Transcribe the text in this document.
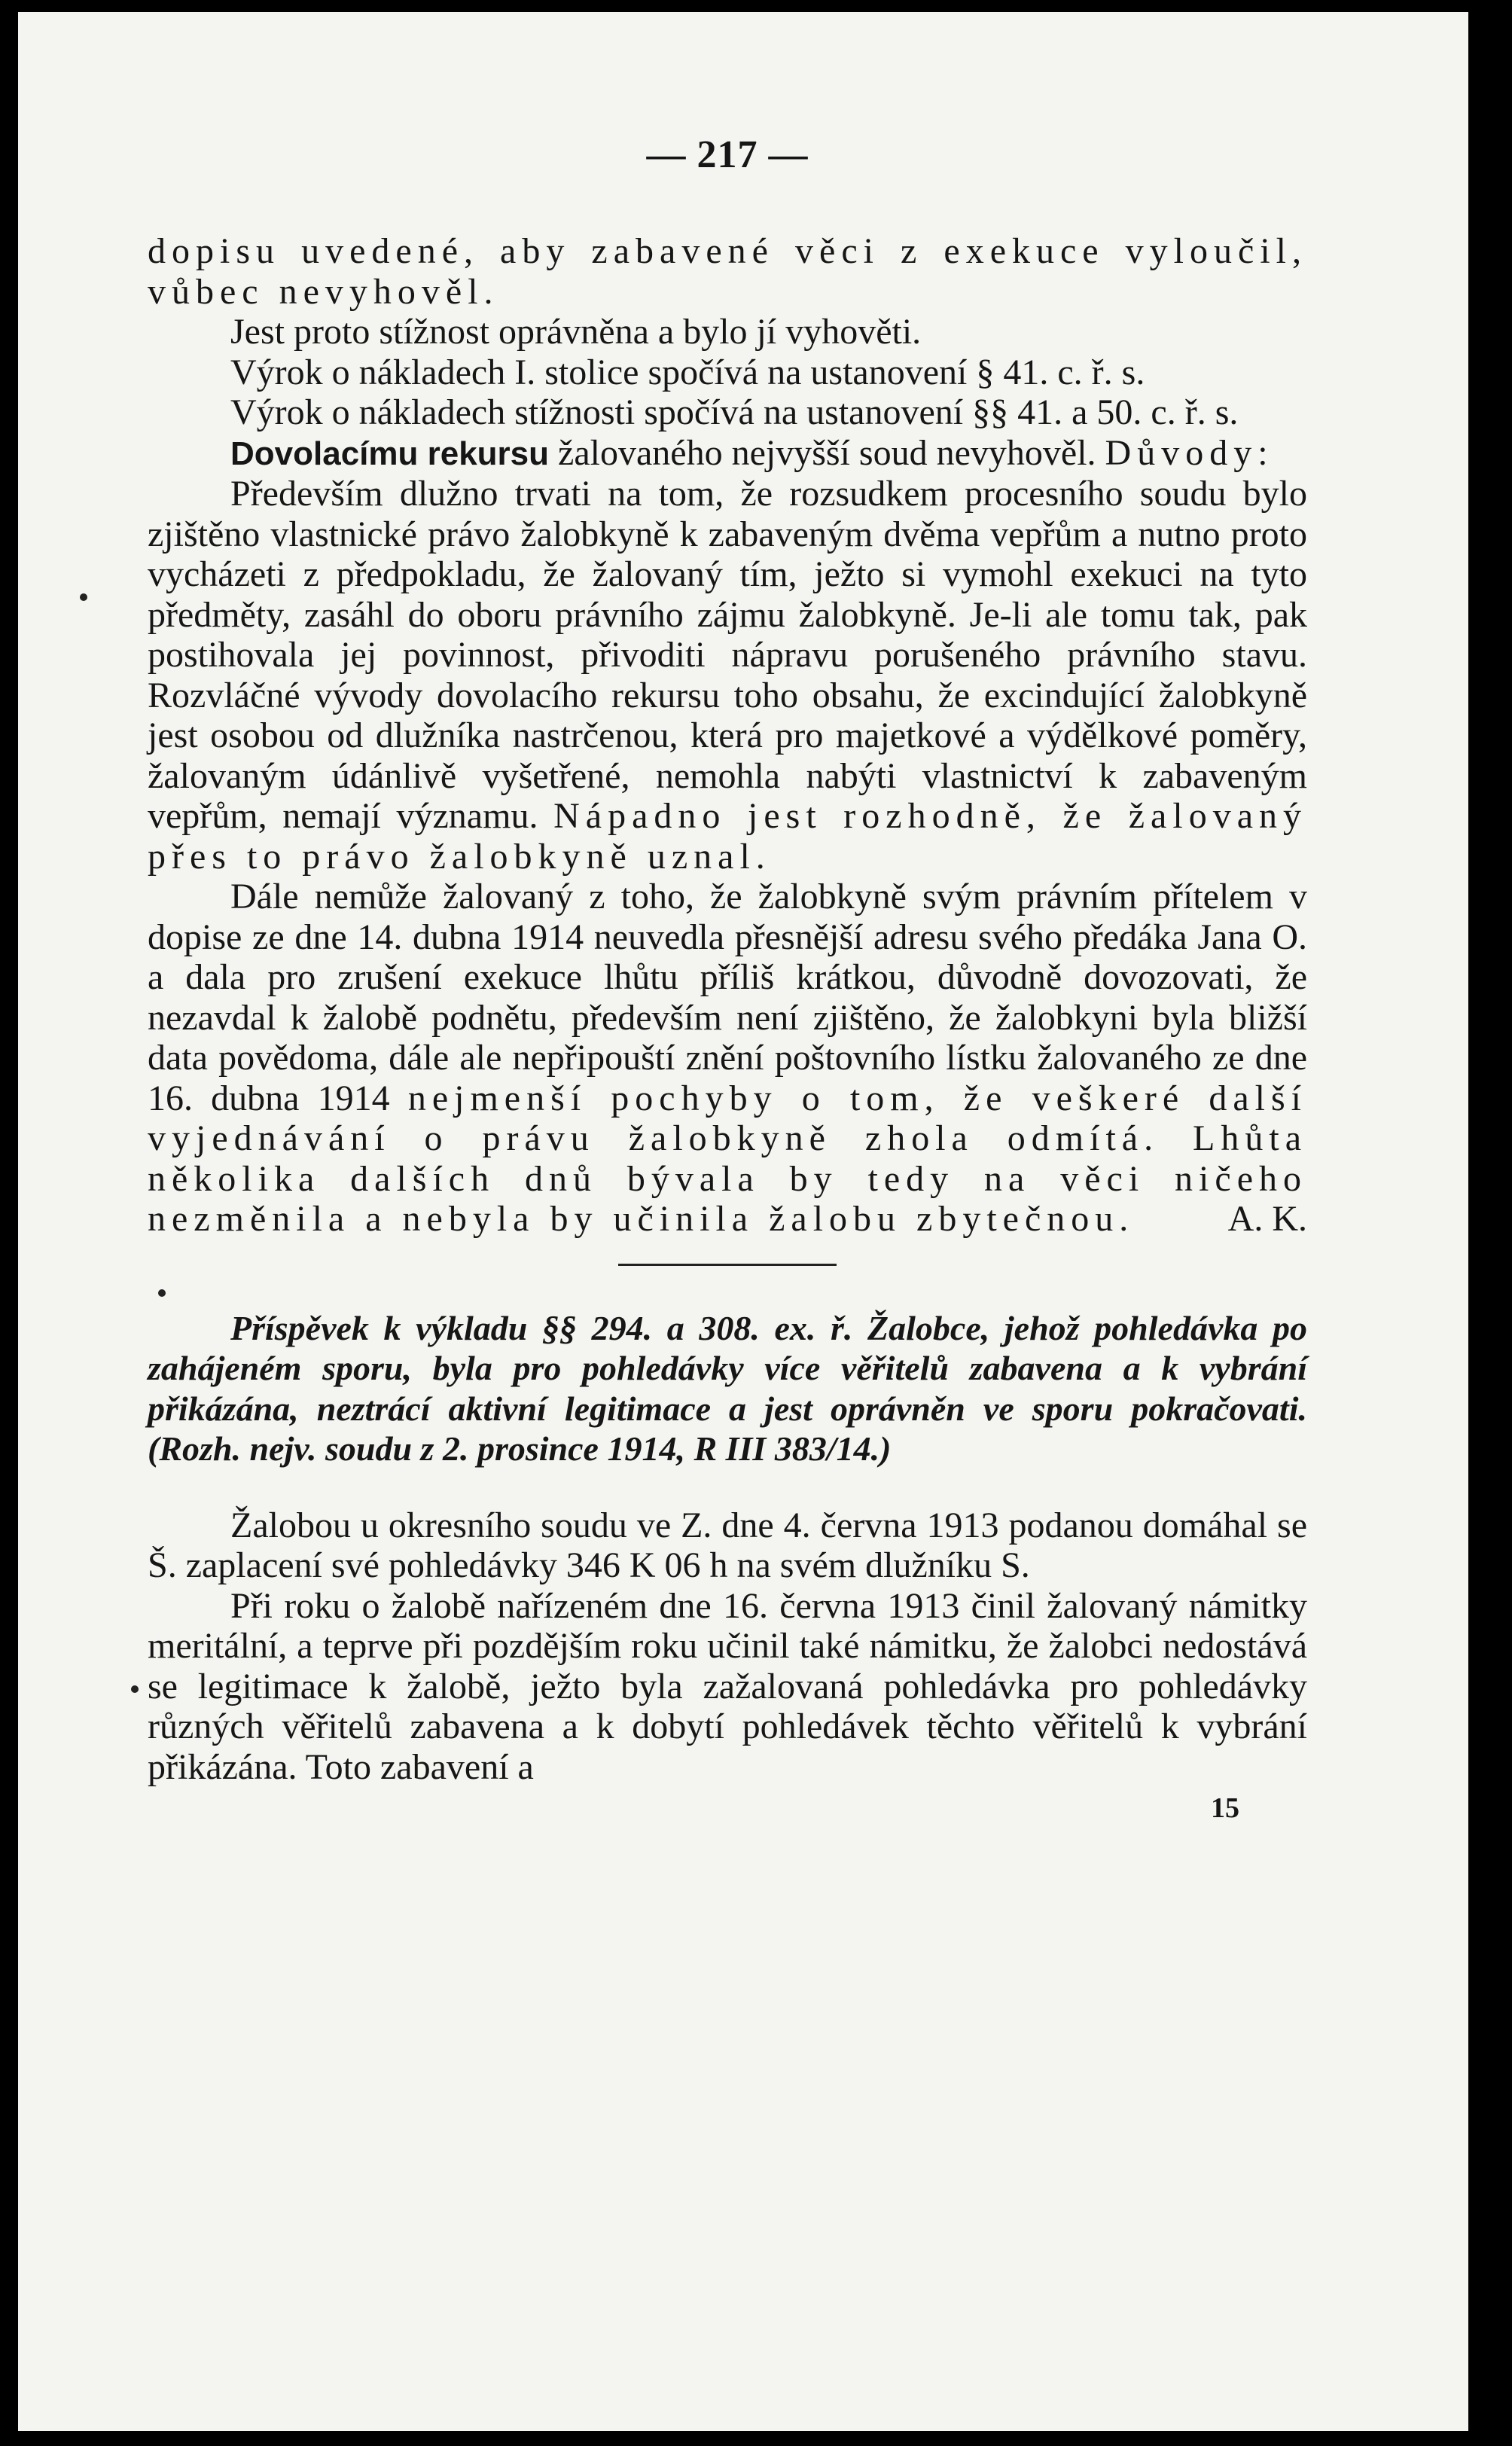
— 217 —

dopisu uvedené, aby zabavené věci z exekuce vyloučil, vůbec nevyhověl.

Jest proto stížnost oprávněna a bylo jí vyhověti.

Výrok o nákladech I. stolice spočívá na ustanovení § 41. c. ř. s.

Výrok o nákladech stížnosti spočívá na ustanovení §§ 41. a 50. c. ř. s.

Dovolacímu rekursu žalovaného nejvyšší soud nevyhověl. Důvody:

Především dlužno trvati na tom, že rozsudkem procesního soudu bylo zjištěno vlastnické právo žalobkyně k zabaveným dvěma vepřům a nutno proto vycházeti z předpokladu, že žalovaný tím, ježto si vymohl exekuci na tyto předměty, zasáhl do oboru právního zájmu žalobkyně. Je-li ale tomu tak, pak postihovala jej povinnost, přivoditi nápravu porušeného právního stavu. Rozvláčné vývody dovolacího rekursu toho obsahu, že excindující žalobkyně jest osobou od dlužníka nastrčenou, která pro majetkové a výdělkové poměry, žalovaným údánlivě vyšetřené, nemohla nabýti vlastnictví k zabaveným vepřům, nemají významu. Nápadno jest rozhodně, že žalovaný přes to právo žalobkyně uznal.

Dále nemůže žalovaný z toho, že žalobkyně svým právním přítelem v dopise ze dne 14. dubna 1914 neuvedla přesnější adresu svého předáka Jana O. a dala pro zrušení exekuce lhůtu příliš krátkou, důvodně dovozovati, že nezavdal k žalobě podnětu, především není zjištěno, že žalobkyni byla bližší data povědoma, dále ale nepřipouští znění poštovního lístku žalovaného ze dne 16. dubna 1914 nejmenší pochyby o tom, že veškeré další vyjednávání o právu žalobkyně zhola odmítá. Lhůta několika dalších dnů bývala by tedy na věci ničeho nezměnila a nebyla by učinila žalobu zbytečnou.	A. K.

Příspěvek k výkladu §§ 294. a 308. ex. ř. Žalobce, jehož pohledávka po zahájeném sporu, byla pro pohledávky více věřitelů zabavena a k vybrání přikázána, neztrácí aktivní legitimace a jest oprávněn ve sporu pokračovati. (Rozh. nejv. soudu z 2. prosince 1914, R III 383/14.)

Žalobou u okresního soudu ve Z. dne 4. června 1913 podanou domáhal se Š. zaplacení své pohledávky 346 K 06 h na svém dlužníku S.

Při roku o žalobě nařízeném dne 16. června 1913 činil žalovaný námitky meritální, a teprve při pozdějším roku učinil také námitku, že žalobci nedostává se legitimace k žalobě, ježto byla zažalovaná pohledávka pro pohledávky různých věřitelů zabavena a k dobytí pohledávek těchto věřitelů k vybrání přikázána. Toto zabavení a

15
